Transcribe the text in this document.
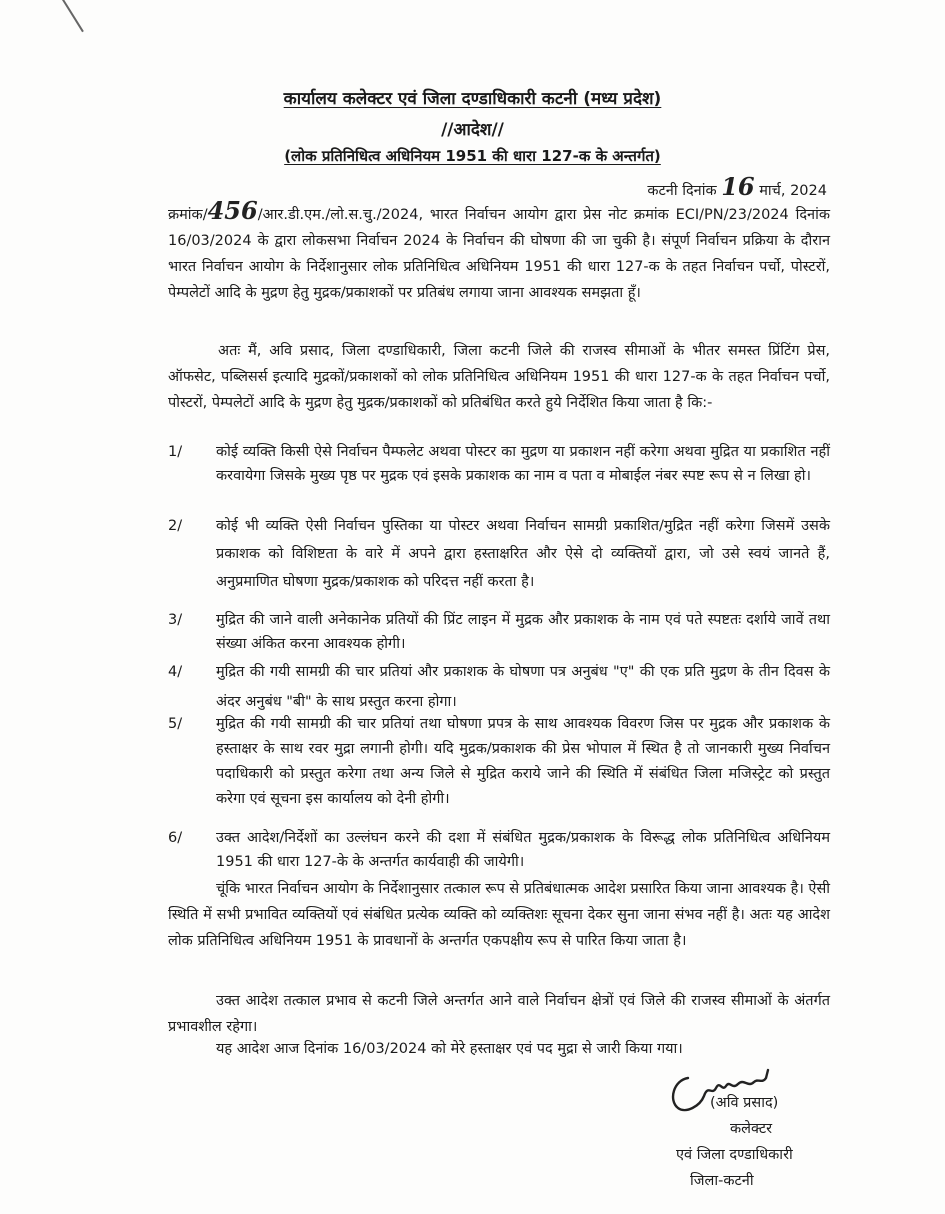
कार्यालय कलेक्टर एवं जिला दण्डाधिकारी कटनी (मध्य प्रदेश)
//आदेश//
(लोक प्रतिनिधित्व अधिनियम 1951 की धारा 127-क के अन्तर्गत)
कटनी दिनांक 16 मार्च, 2024
क्रमांक/456/आर.डी.एम./लो.स.चु./2024, भारत निर्वाचन आयोग द्वारा प्रेस नोट क्रमांक ECI/PN/23/2024 दिनांक 16/03/2024 के द्वारा लोकसभा निर्वाचन 2024 के निर्वाचन की घोषणा की जा चुकी है। संपूर्ण निर्वाचन प्रक्रिया के दौरान भारत निर्वाचन आयोग के निर्देशानुसार लोक प्रतिनिधित्व अधिनियम 1951 की धारा 127-क के तहत निर्वाचन पर्चो, पोस्टरों, पेम्पलेटों आदि के मुद्रण हेतु मुद्रक/प्रकाशकों पर प्रतिबंध लगाया जाना आवश्यक समझता हूँ।
अतः मैं, अवि प्रसाद, जिला दण्डाधिकारी, जिला कटनी जिले की राजस्व सीमाओं के भीतर समस्त प्रिंटिंग प्रेस, ऑफसेट, पब्लिसर्स इत्यादि मुद्रकों/प्रकाशकों को लोक प्रतिनिधित्व अधिनियम 1951 की धारा 127-क के तहत निर्वाचन पर्चो, पोस्टरों, पेम्पलेटों आदि के मुद्रण हेतु मुद्रक/प्रकाशकों को प्रतिबंधित करते हुये निर्देशित किया जाता है कि:-
1/	कोई व्यक्ति किसी ऐसे निर्वाचन पैम्फलेट अथवा पोस्टर का मुद्रण या प्रकाशन नहीं करेगा अथवा मुद्रित या प्रकाशित नहीं करवायेगा जिसके मुख्य पृष्ठ पर मुद्रक एवं इसके प्रकाशक का नाम व पता व मोबाईल नंबर स्पष्ट रूप से न लिखा हो।
2/	कोई भी व्यक्ति ऐसी निर्वाचन पुस्तिका या पोस्टर अथवा निर्वाचन सामग्री प्रकाशित/मुद्रित नहीं करेगा जिसमें उसके प्रकाशक को विशिष्टता के वारे में अपने द्वारा हस्ताक्षरित और ऐसे दो व्यक्तियों द्वारा, जो उसे स्वयं जानते हैं, अनुप्रमाणित घोषणा मुद्रक/प्रकाशक को परिदत्त नहीं करता है।
3/	मुद्रित की जाने वाली अनेकानेक प्रतियों की प्रिंट लाइन में मुद्रक और प्रकाशक के नाम एवं पते स्पष्टतः दर्शाये जावें तथा संख्या अंकित करना आवश्यक होगी।
4/	मुद्रित की गयी सामग्री की चार प्रतियां और प्रकाशक के घोषणा पत्र अनुबंध "ए" की एक प्रति मुद्रण के तीन दिवस के अंदर अनुबंध "बी" के साथ प्रस्तुत करना होगा।
5/	मुद्रित की गयी सामग्री की चार प्रतियां तथा घोषणा प्रपत्र के साथ आवश्यक विवरण जिस पर मुद्रक और प्रकाशक के हस्ताक्षर के साथ रवर मुद्रा लगानी होगी। यदि मुद्रक/प्रकाशक की प्रेस भोपाल में स्थित है तो जानकारी मुख्य निर्वाचन पदाधिकारी को प्रस्तुत करेगा तथा अन्य जिले से मुद्रित कराये जाने की स्थिति में संबंधित जिला मजिस्ट्रेट को प्रस्तुत करेगा एवं सूचना इस कार्यालय को देनी होगी।
6/	उक्त आदेश/निर्देशों का उल्लंघन करने की दशा में संबंधित मुद्रक/प्रकाशक के विरूद्ध लोक प्रतिनिधित्व अधिनियम 1951 की धारा 127-के के अन्तर्गत कार्यवाही की जायेगी।
चूंकि भारत निर्वाचन आयोग के निर्देशानुसार तत्काल रूप से प्रतिबंधात्मक आदेश प्रसारित किया जाना आवश्यक है। ऐसी स्थिति में सभी प्रभावित व्यक्तियों एवं संबंधित प्रत्येक व्यक्ति को व्यक्तिशः सूचना देकर सुना जाना संभव नहीं है। अतः यह आदेश लोक प्रतिनिधित्व अधिनियम 1951 के प्रावधानों के अन्तर्गत एकपक्षीय रूप से पारित किया जाता है।
उक्त आदेश तत्काल प्रभाव से कटनी जिले अन्तर्गत आने वाले निर्वाचन क्षेत्रों एवं जिले की राजस्व सीमाओं के अंतर्गत प्रभावशील रहेगा।
यह आदेश आज दिनांक 16/03/2024 को मेरे हस्ताक्षर एवं पद मुद्रा से जारी किया गया।
(अवि प्रसाद)
कलेक्टर
एवं जिला दण्डाधिकारी
जिला-कटनी
